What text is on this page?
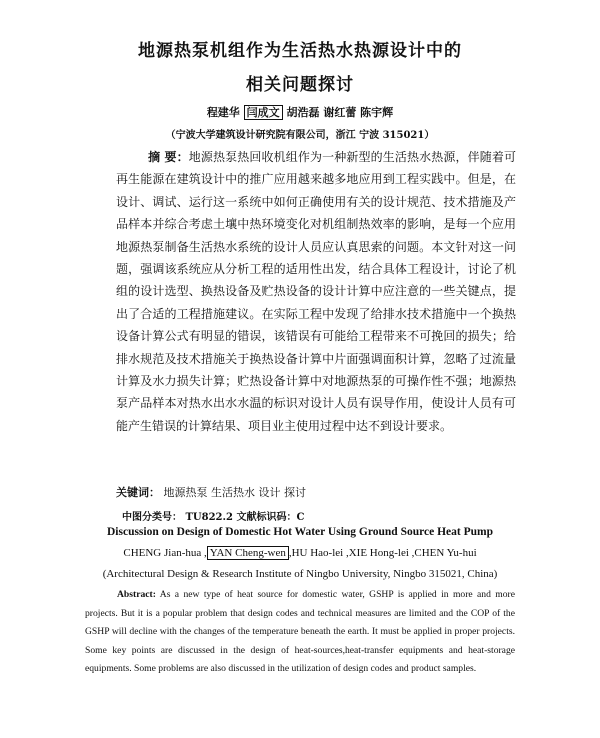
地源热泵机组作为生活热水热源设计中的
相关问题探讨
程建华 闫成文 胡浩磊 谢红蕾 陈宇辉
（宁波大学建筑设计研究院有限公司，浙江 宁波 315021）
摘 要：地源热泵热回收机组作为一种新型的生活热水热源，伴随着可再生能源在建筑设计中的推广应用越来越多地应用到工程实践中。但是，在设计、调试、运行这一系统中如何正确使用有关的设计规范、技术措施及产品样本并综合考虑土壤中热环境变化对机组制热效率的影响，是每一个应用地源热泵制备生活热水系统的设计人员应认真思索的问题。本文针对这一问题，强调该系统应从分析工程的适用性出发，结合具体工程设计，讨论了机组的设计选型、换热设备及贮热设备的设计计算中应注意的一些关键点，提出了合适的工程措施建议。在实际工程中发现了给排水技术措施中一个换热设备计算公式有明显的错误，该错误有可能给工程带来不可挽回的损失；给排水规范及技术措施关于换热设备计算中片面强调面积计算，忽略了过流量计算及水力损失计算；贮热设备计算中对地源热泵的可操作性不强；地源热泵产品样本对热水出水水温的标识对设计人员有误导作用，使设计人员有可能产生错误的计算结果、项目业主使用过程中达不到设计要求。
关键词： 地源热泵 生活热水 设计 探讨
中图分类号： TU822.2 文献标识码：C
Discussion on Design of Domestic Hot Water Using Ground Source Heat Pump
CHENG Jian-hua , YAN Cheng-wen ,HU Hao-lei ,XIE Hong-lei ,CHEN Yu-hui
(Architectural Design & Research Institute of Ningbo University, Ningbo 315021, China)
Abstract: As a new type of heat source for domestic water, GSHP is applied in more and more projects. But it is a popular problem that design codes and technical measures are limited and the COP of the GSHP will decline with the changes of the temperature beneath the earth. It must be applied in proper projects. Some key points are discussed in the design of heat-sources,heat-transfer equipments and heat-storage equipments. Some problems are also discussed in the utilization of design codes and product samples.
